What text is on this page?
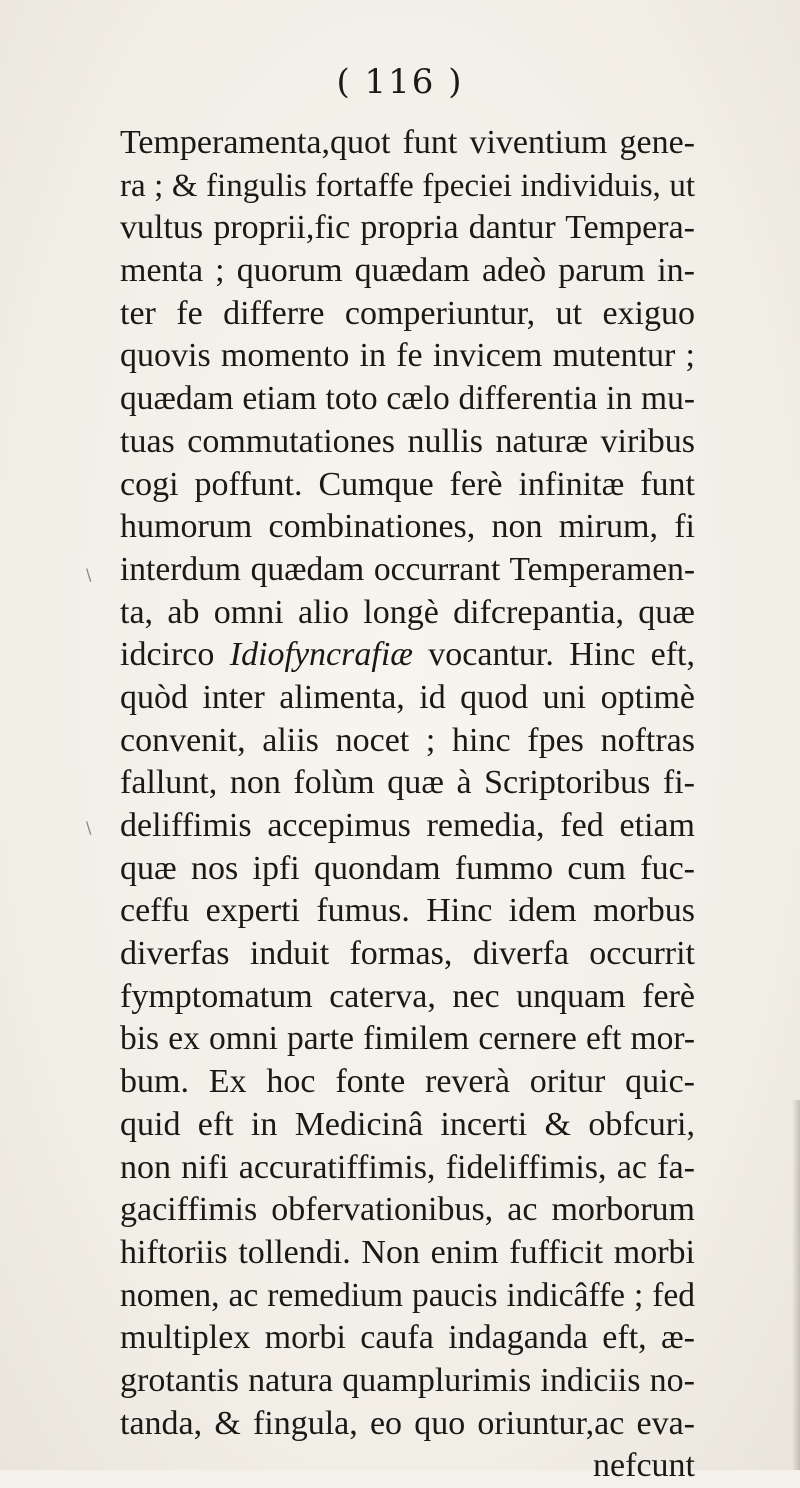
( 116 )
\
\
Temperamenta,quot funt viventium gene-
ra ; & fingulis fortaffe fpeciei individuis, ut
vultus proprii,fic propria dantur Tempera-
menta ; quorum quædam adeò parum in-
ter fe differre comperiuntur, ut exiguo
quovis momento in fe invicem mutentur ;
quædam etiam toto cælo differentia in mu-
tuas commutationes nullis naturæ viribus
cogi poffunt. Cumque ferè infinitæ funt
humorum combinationes, non mirum, fi
interdum quædam occurrant Temperamen-
ta, ab omni alio longè difcrepantia, quæ
idcirco Idiofyncrafiæ vocantur. Hinc eft,
quòd inter alimenta, id quod uni optimè
convenit, aliis nocet ; hinc fpes noftras
fallunt, non folùm quæ à Scriptoribus fi-
deliffimis accepimus remedia, fed etiam
quæ nos ipfi quondam fummo cum fuc-
ceffu experti fumus. Hinc idem morbus
diverfas induit formas, diverfa occurrit
fymptomatum caterva, nec unquam ferè
bis ex omni parte fimilem cernere eft mor-
bum. Ex hoc fonte reverà oritur quic-
quid eft in Medicinâ incerti & obfcuri,
non nifi accuratiffimis, fideliffimis, ac fa-
gaciffimis obfervationibus, ac morborum
hiftoriis tollendi. Non enim fufficit morbi
nomen, ac remedium paucis indicâffe ; fed
multiplex morbi caufa indaganda eft, æ-
grotantis natura quamplurimis indiciis no-
tanda, & fingula, eo quo oriuntur,ac eva-
nefcunt
